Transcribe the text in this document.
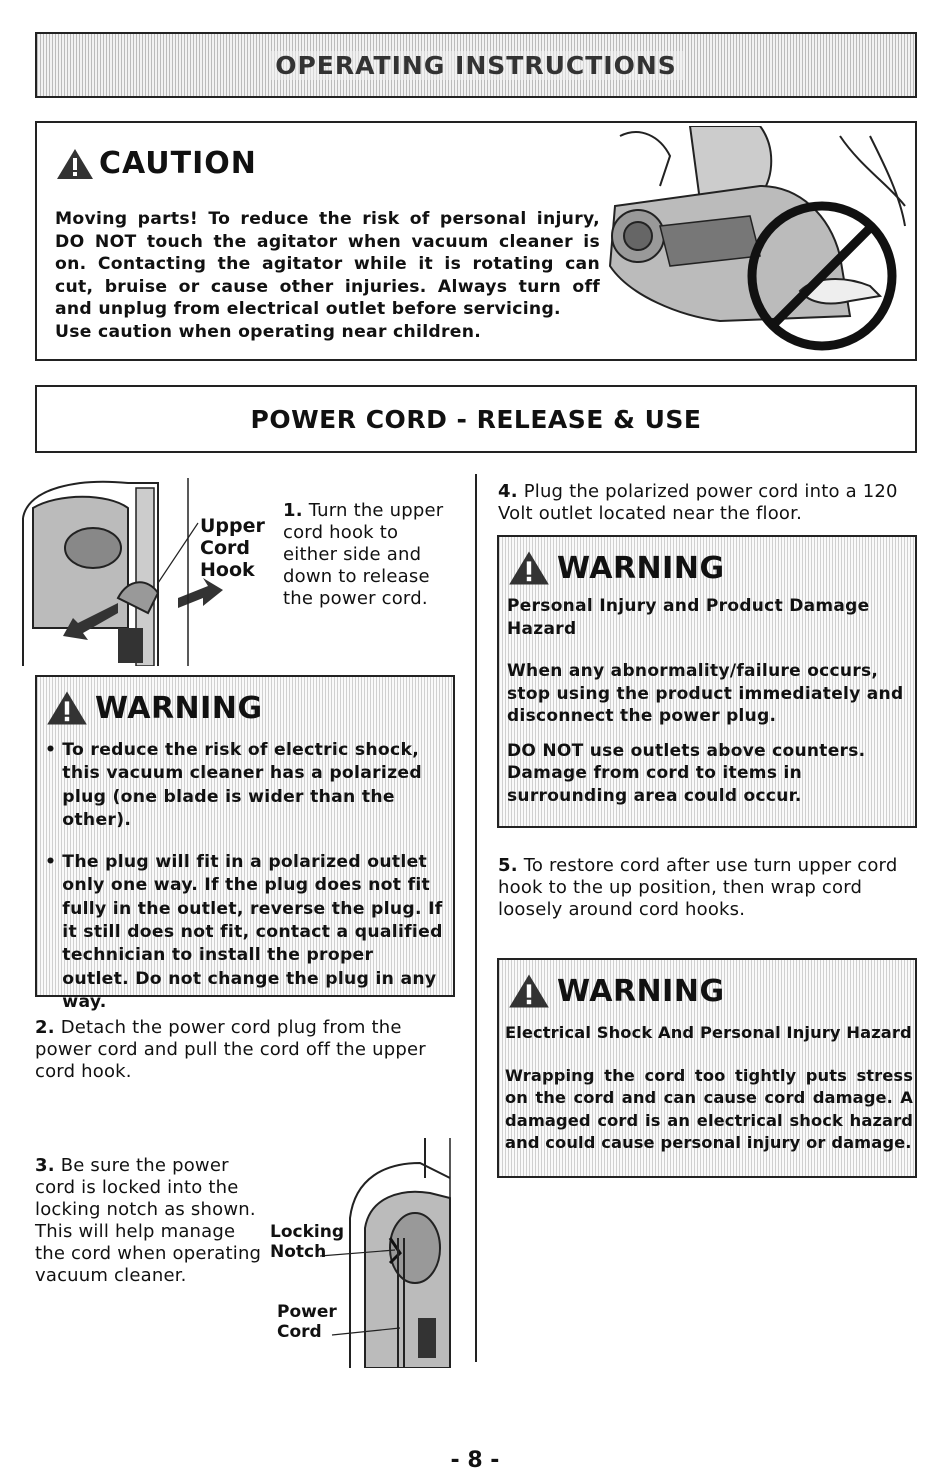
OPERATING INSTRUCTIONS
CAUTION

Moving parts! To reduce the risk of personal injury, DO NOT touch the agitator when vacuum cleaner is on. Contacting the agitator while it is rotating can cut, bruise or cause other injuries. Always turn off and unplug from electrical outlet before servicing.

Use caution when operating near children.

POWER CORD - RELEASE & USE
Upper Cord Hook
1. Turn the upper cord hook to either side and down to release the power cord.
WARNING
• To reduce the risk of electric shock, this vacuum cleaner has a polarized plug (one blade is wider than the other).
• The plug will fit in a polarized outlet only one way. If the plug does not fit fully in the outlet, reverse the plug. If it still does not fit, contact a qualified technician to install the proper outlet. Do not change the plug in any way.
2. Detach the power cord plug from the power cord and pull the cord off the upper cord hook.
3. Be sure the power cord is locked into the locking notch as shown. This will help manage the cord when operating vacuum cleaner.
Locking Notch
Power Cord
4. Plug the polarized power cord into a 120 Volt outlet located near the floor.
WARNING

Personal Injury and Product Damage Hazard

When any abnormality/failure occurs, stop using the product immediately and disconnect the power plug.

DO NOT use outlets above counters. Damage from cord to items in surrounding area could occur.

5. To restore cord after use turn upper cord hook to the up position, then wrap cord loosely around cord hooks.
WARNING

Electrical Shock And Personal Injury Hazard

Wrapping the cord too tightly puts stress on the cord and can cause cord damage. A damaged cord is an electrical shock hazard and could cause personal injury or damage.

- 8 -
